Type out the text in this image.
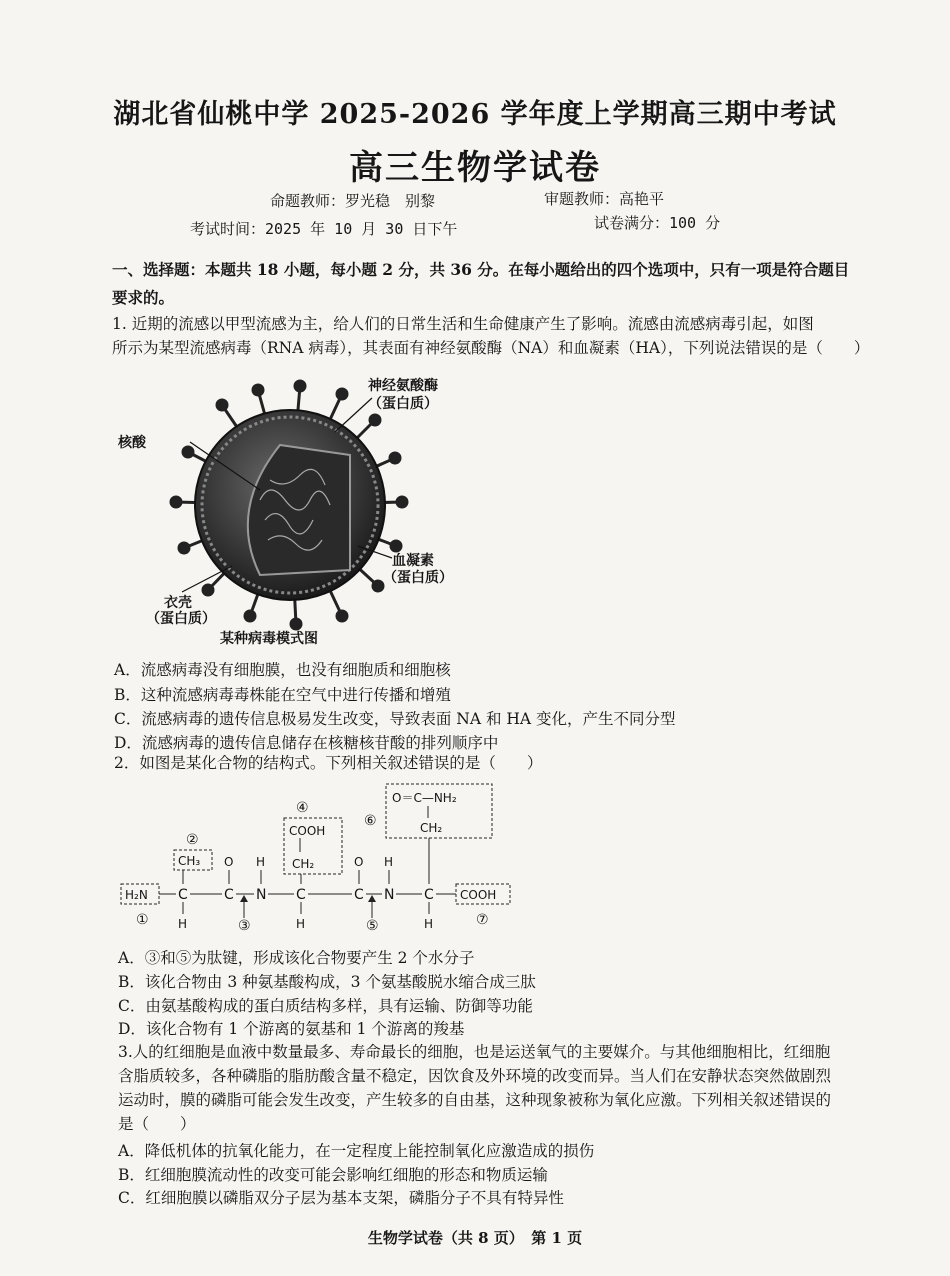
湖北省仙桃中学 2025-2026 学年度上学期高三期中考试
高三生物学试卷
命题教师：罗光稳　别黎	审题教师：高艳平
考试时间：2025 年 10 月 30 日下午	试卷满分：100 分
一、选择题：本题共 18 小题，每小题 2 分，共 36 分。在每小题给出的四个选项中，只有一项是符合题目
要求的。
1. 近期的流感以甲型流感为主，给人们的日常生活和生命健康产生了影响。流感由流感病毒引起，如图
所示为某型流感病毒（RNA 病毒），其表面有神经氨酸酶（NA）和血凝素（HA），下列说法错误的是（　　）
神经氨酸酶
（蛋白质）
核酸
血凝素
（蛋白质）
衣壳
（蛋白质）
某种病毒模式图
A．流感病毒没有细胞膜，也没有细胞质和细胞核
B．这种流感病毒毒株能在空气中进行传播和增殖
C．流感病毒的遗传信息极易发生改变，导致表面 NA 和 HA 变化，产生不同分型
D．流感病毒的遗传信息储存在核糖核苷酸的排列顺序中
2．如图是某化合物的结构式。下列相关叙述错误的是（　　）
④
⑥
②
①	③	⑤	⑦
CH₃
COOH
CH₂
O＝C—NH₂
CH₂
H₂N C
H
C
O
N
H
C
H
C
O
N
H
C
H
COOH
A．③和⑤为肽键，形成该化合物要产生 2 个水分子
B．该化合物由 3 种氨基酸构成，3 个氨基酸脱水缩合成三肽
C．由氨基酸构成的蛋白质结构多样，具有运输、防御等功能
D．该化合物有 1 个游离的氨基和 1 个游离的羧基
3.人的红细胞是血液中数量最多、寿命最长的细胞，也是运送氧气的主要媒介。与其他细胞相比，红细胞
含脂质较多，各种磷脂的脂肪酸含量不稳定，因饮食及外环境的改变而异。当人们在安静状态突然做剧烈
运动时，膜的磷脂可能会发生改变，产生较多的自由基，这种现象被称为氧化应激。下列相关叙述错误的
是（　　）
A．降低机体的抗氧化能力，在一定程度上能控制氧化应激造成的损伤
B．红细胞膜流动性的改变可能会影响红细胞的形态和物质运输
C．红细胞膜以磷脂双分子层为基本支架，磷脂分子不具有特异性
生物学试卷（共 8 页）　第 1 页
